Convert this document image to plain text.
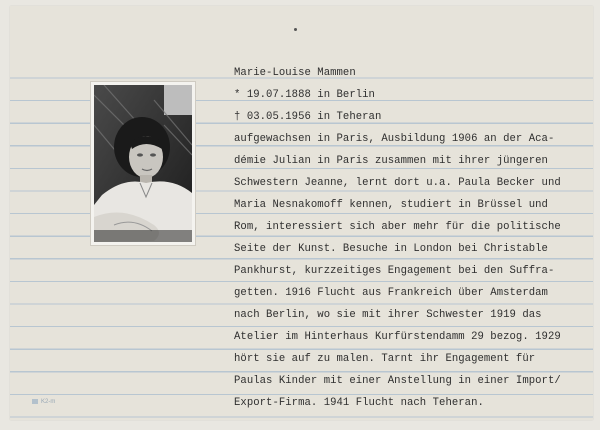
Marie-Louise Mammen
* 19.07.1888 in Berlin
† 03.05.1956 in Teheran
aufgewachsen in Paris, Ausbildung 1906 an der Aca-
démie Julian in Paris zusammen mit ihrer jüngeren
Schwestern Jeanne, lernt dort u.a. Paula Becker und
Maria Nesnakomoff kennen, studiert in Brüssel und
Rom, interessiert sich aber mehr für die politische
Seite der Kunst. Besuche in London bei Christable
Pankhurst, kurzzeitiges Engagement bei den Suffra-
getten. 1916 Flucht aus Frankreich über Amsterdam
nach Berlin, wo sie mit ihrer Schwester 1919 das
Atelier im Hinterhaus Kurfürstendamm 29 bezog. 1929
hört sie auf zu malen. Tarnt ihr Engagement für
Paulas Kinder mit einer Anstellung in einer Import/
Export-Firma. 1941 Flucht nach Teheran.
K2-m
